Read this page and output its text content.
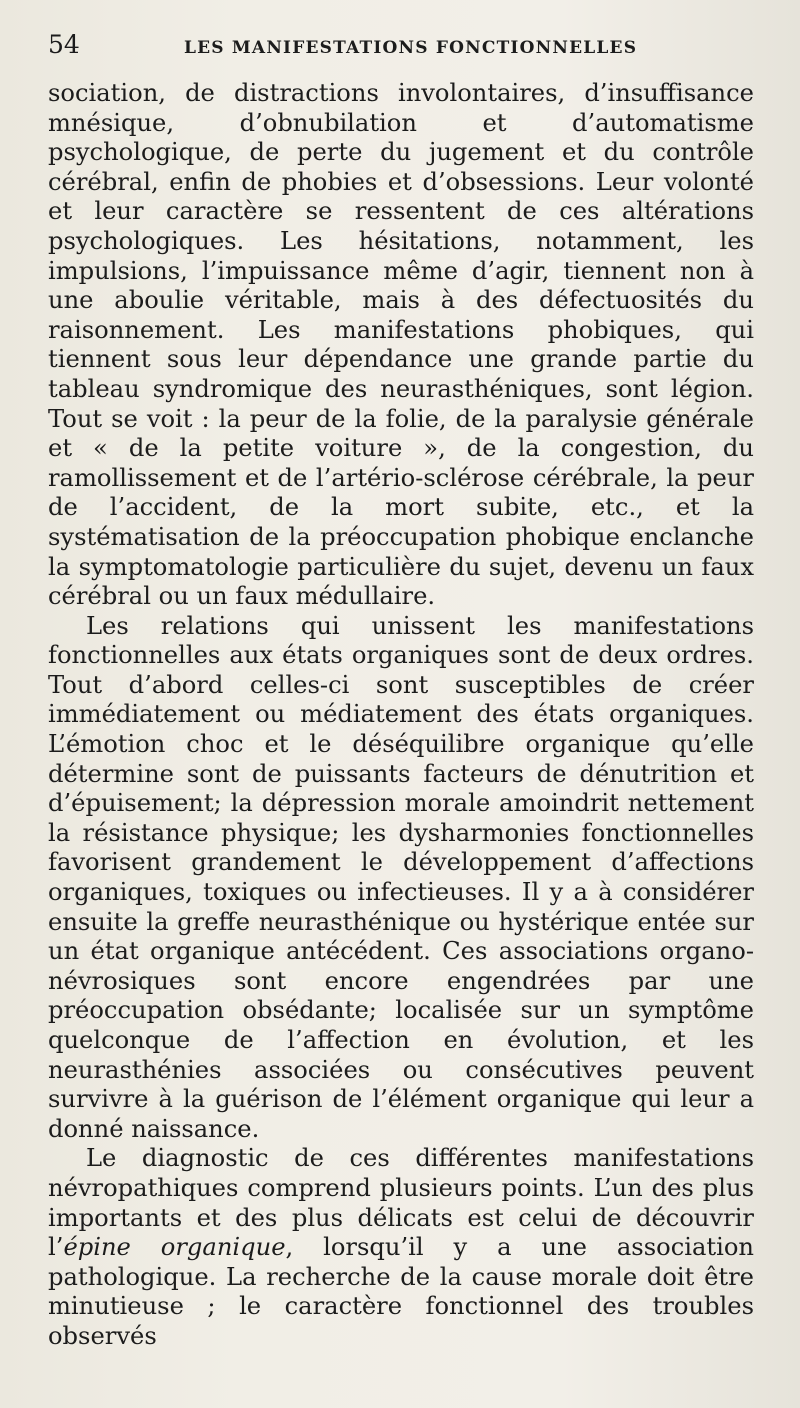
54	LES MANIFESTATIONS FONCTIONNELLES

sociation, de distractions involontaires, d’insuffisance mnésique, d’obnubilation et d’automatisme psychologique, de perte du jugement et du contrôle cérébral, enfin de phobies et d’obsessions. Leur volonté et leur caractère se ressentent de ces altérations psychologiques. Les hésitations, notamment, les impulsions, l’impuissance même d’agir, tiennent non à une aboulie véritable, mais à des défectuosités du raisonnement. Les manifestations phobiques, qui tiennent sous leur dépendance une grande partie du tableau syndromique des neurasthéniques, sont légion. Tout se voit : la peur de la folie, de la paralysie générale et « de la petite voiture », de la congestion, du ramollissement et de l’artério-sclérose cérébrale, la peur de l’accident, de la mort subite, etc., et la systématisation de la préoccupation phobique enclanche la symptomatologie particulière du sujet, devenu un faux cérébral ou un faux médullaire.

Les relations qui unissent les manifestations fonctionnelles aux états organiques sont de deux ordres. Tout d’abord celles-ci sont susceptibles de créer immédiatement ou médiatement des états organiques. L’émotion choc et le déséquilibre organique qu’elle détermine sont de puissants facteurs de dénutrition et d’épuisement; la dépression morale amoindrit nettement la résistance physique; les dysharmonies fonctionnelles favorisent grandement le développement d’affections organiques, toxiques ou infectieuses. Il y a à considérer ensuite la greffe neurasthénique ou hystérique entée sur un état organique antécédent. Ces associations organo-névrosiques sont encore engendrées par une préoccupation obsédante; localisée sur un symptôme quelconque de l’affection en évolution, et les neurasthénies associées ou consécutives peuvent survivre à la guérison de l’élément organique qui leur a donné naissance.

Le diagnostic de ces différentes manifestations névropathiques comprend plusieurs points. L’un des plus importants et des plus délicats est celui de découvrir l’épine organique, lorsqu’il y a une association pathologique. La recherche de la cause morale doit être minutieuse ; le caractère fonctionnel des troubles observés
